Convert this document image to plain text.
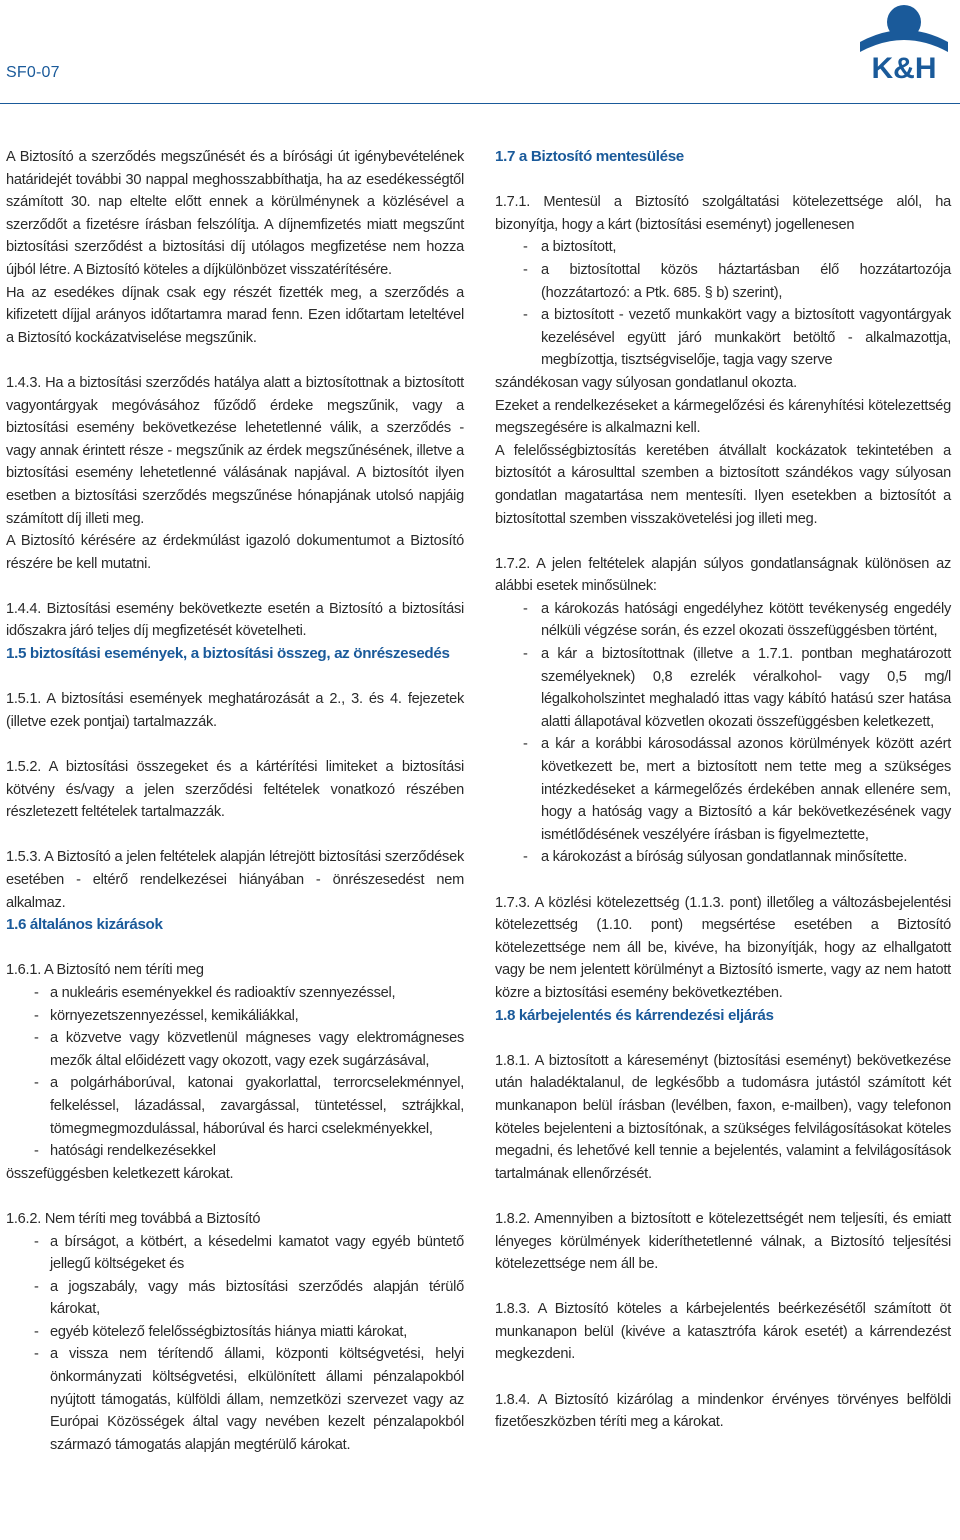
SF0-07	K&H

A Biztosító a szerződés megszűnését és a bírósági út igénybevételének határidejét további 30 nappal meghosszabbíthatja, ha az esedékességtől számított 30. nap eltelte előtt ennek a körülménynek a közlésével a szerződőt a fizetésre írásban felszólítja. A díjnemfizetés miatt megszűnt biztosítási szerződést a biztosítási díj utólagos megfizetése nem hozza újból létre. A Biztosító köteles a díjkülönbözet visszatérítésére.

Ha az esedékes díjnak csak egy részét fizették meg, a szerződés a kifizetett díjjal arányos időtartamra marad fenn. Ezen időtartam leteltével a Biztosító kockázatviselése megszűnik.

1.4.3. Ha a biztosítási szerződés hatálya alatt a biztosítottnak a biztosított vagyontárgyak megóvásához fűződő érdeke megszűnik, vagy a biztosítási esemény bekövetkezése lehetetlenné válik, a szerződés - vagy annak érintett része - megszűnik az érdek megszűnésének, illetve a biztosítási esemény lehetetlenné válásának napjával. A biztosítót ilyen esetben a biztosítási szerződés megszűnése hónapjának utolsó napjáig számított díj illeti meg.

A Biztosító kérésére az érdekmúlást igazoló dokumentumot a Biztosító részére be kell mutatni.

1.4.4. Biztosítási esemény bekövetkezte esetén a Biztosító a biztosítási időszakra járó teljes díj megfizetését követelheti.

1.5 biztosítási események, a biztosítási összeg, az önrészesedés

1.5.1. A biztosítási események meghatározását a 2., 3. és 4. fejezetek (illetve ezek pontjai) tartalmazzák.

1.5.2. A biztosítási összegeket és a kártérítési limiteket a biztosítási kötvény és/vagy a jelen szerződési feltételek vonatkozó részében részletezett feltételek tartalmazzák.

1.5.3. A Biztosító a jelen feltételek alapján létrejött biztosítási szerződések esetében - eltérő rendelkezései hiányában - önrészesedést nem alkalmaz.

1.6 általános kizárások

1.6.1. A Biztosító nem téríti meg

- a nukleáris eseményekkel és radioaktív szennyezéssel,
- környezetszennyezéssel, kemikáliákkal,
- a közvetve vagy közvetlenül mágneses vagy elektromágneses mezők által előidézett vagy okozott, vagy ezek sugárzásával,
- a polgárháborúval, katonai gyakorlattal, terrorcselekménnyel, felkeléssel, lázadással, zavargással, tüntetéssel, sztrájkkal, tömegmegmozdulással, háborúval és harci cselekményekkel,
- hatósági rendelkezésekkel

összefüggésben keletkezett károkat.

1.6.2. Nem téríti meg továbbá a Biztosító

- a bírságot, a kötbért, a késedelmi kamatot vagy egyéb büntető jellegű költségeket és
- a jogszabály, vagy más biztosítási szerződés alapján térülő károkat,
- egyéb kötelező felelősségbiztosítás hiánya miatti károkat,
- a vissza nem térítendő állami, központi költségvetési, helyi önkormányzati költségvetési, elkülönített állami pénzalapokból nyújtott támogatás, külföldi állam, nemzetközi szervezet vagy az Európai Közösségek által vagy nevében kezelt pénzalapokból származó támogatás alapján megtérülő károkat.
1.7 a Biztosító mentesülése

1.7.1. Mentesül a Biztosító szolgáltatási kötelezettsége alól, ha bizonyítja, hogy a kárt (biztosítási eseményt) jogellenesen

- a biztosított,
- a biztosítottal közös háztartásban élő hozzátartozója (hozzátartozó: a Ptk. 685. § b) szerint),
- a biztosított - vezető munkakört vagy a biztosított vagyontárgyak kezelésével együtt járó munkakört betöltő - alkalmazottja, megbízottja, tisztségviselője, tagja vagy szerve

szándékosan vagy súlyosan gondatlanul okozta.

Ezeket a rendelkezéseket a kármegelőzési és kárenyhítési kötelezettség megszegésére is alkalmazni kell.

A felelősségbiztosítás keretében átvállalt kockázatok tekintetében a biztosítót a károsulttal szemben a biztosított szándékos vagy súlyosan gondatlan magatartása nem mentesíti. Ilyen esetekben a biztosítót a biztosítottal szemben visszakövetelési jog illeti meg.

1.7.2. A jelen feltételek alapján súlyos gondatlanságnak különösen az alábbi esetek minősülnek:

- a károkozás hatósági engedélyhez kötött tevékenység engedély nélküli végzése során, és ezzel okozati összefüggésben történt,
- a kár a biztosítottnak (illetve a 1.7.1. pontban meghatározott személyeknek) 0,8 ezrelék véralkohol- vagy 0,5 mg/l légalkoholszintet meghaladó ittas vagy kábító hatású szer hatása alatti állapotával közvetlen okozati összefüggésben keletkezett,
- a kár a korábbi károsodással azonos körülmények között azért következett be, mert a biztosított nem tette meg a szükséges intézkedéseket a kármegelőzés érdekében annak ellenére sem, hogy a hatóság vagy a Biztosító a kár bekövetkezésének vagy ismétlődésének veszélyére írásban is figyelmeztette,
- a károkozást a bíróság súlyosan gondatlannak minősítette.

1.7.3. A közlési kötelezettség (1.1.3. pont) illetőleg a változásbejelentési kötelezettség (1.10. pont) megsértése esetében a Biztosító kötelezettsége nem áll be, kivéve, ha bizonyítják, hogy az elhallgatott vagy be nem jelentett körülményt a Biztosító ismerte, vagy az nem hatott közre a biztosítási esemény bekövetkeztében.

1.8 kárbejelentés és kárrendezési eljárás

1.8.1. A biztosított a káreseményt (biztosítási eseményt) bekövetkezése után haladéktalanul, de legkésőbb a tudomásra jutástól számított két munkanapon belül írásban (levélben, faxon, e-mailben), vagy telefonon köteles bejelenteni a biztosítónak, a szükséges felvilágosításokat köteles megadni, és lehetővé kell tennie a bejelentés, valamint a felvilágosítások tartalmának ellenőrzését.

1.8.2. Amennyiben a biztosított e kötelezettségét nem teljesíti, és emiatt lényeges körülmények kideríthetetlenné válnak, a Biztosító teljesítési kötelezettsége nem áll be.

1.8.3. A Biztosító köteles a kárbejelentés beérkezésétől számított öt munkanapon belül (kivéve a katasztrófa károk esetét) a kárrendezést megkezdeni.

1.8.4. A Biztosító kizárólag a mindenkor érvényes törvényes belföldi fizetőeszközben téríti meg a károkat.
